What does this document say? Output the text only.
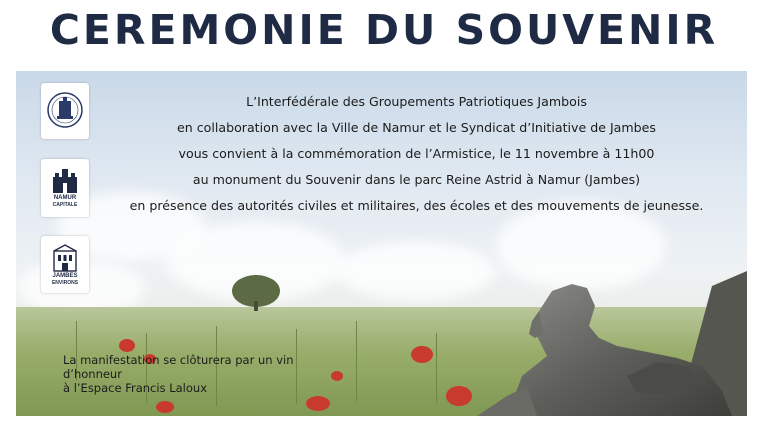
CEREMONIE DU SOUVENIR
NAMUR
CAPITALE
JAMBES
ENVIRONS
L’Interfédérale des Groupements Patriotiques Jambois
en collaboration avec la Ville de Namur et le Syndicat d’Initiative de Jambes
vous convient à la commémoration de l’Armistice, le 11 novembre à 11h00
au monument du Souvenir dans le parc Reine Astrid à Namur (Jambes)
en présence des autorités civiles et militaires, des écoles et des mouvements de jeunesse.
La manifestation se clôturera par un vin d’honneur
à l’Espace Francis Laloux
